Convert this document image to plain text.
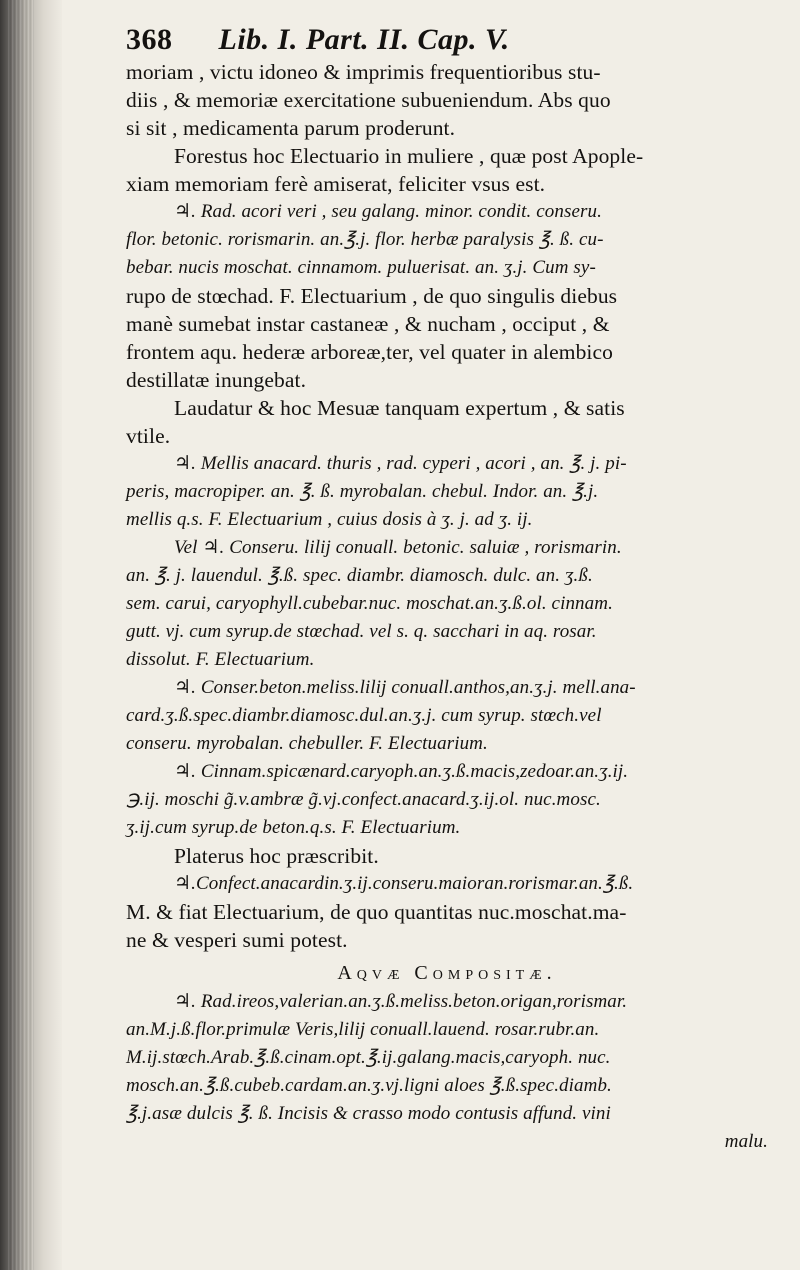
368 Lib. I. Part. II. Cap. V.
moriam , victu idoneo & imprimis frequentioribus stu-
diis , & memoriæ exercitatione subueniendum. Abs quo
si sit , medicamenta parum proderunt.
Forestus hoc Electuario in muliere , quæ post Apople-
xiam memoriam ferè amiserat, feliciter vsus est.
♃. Rad. acori veri , seu galang. minor. condit. conseru.
flor. betonic. rorismarin. an.℥.j. flor. herbæ paralysis ℥. ß. cu-
bebar. nucis moschat. cinnamom. puluerisat. an. ʒ.j. Cum sy-
rupo de stœchad. F. Electuarium , de quo singulis diebus
manè sumebat instar castaneæ , & nucham , occiput , &
frontem aqu. hederæ arboreæ,ter, vel quater in alembico
destillatæ inungebat.
Laudatur & hoc Mesuæ tanquam expertum , & satis
vtile.
♃. Mellis anacard. thuris , rad. cyperi , acori , an. ℥. j. pi-
peris, macropiper. an. ℥. ß. myrobalan. chebul. Indor. an. ℥.j.
mellis q.s. F. Electuarium , cuius dosis à ʒ. j. ad ʒ. ij.
Vel ♃. Conseru. lilij conuall. betonic. saluiæ , rorismarin.
an. ℥. j. lauendul. ℥.ß. spec. diambr. diamosch. dulc. an. ʒ.ß.
sem. carui, caryophyll.cubebar.nuc. moschat.an.ʒ.ß.ol. cinnam.
gutt. vj. cum syrup.de stœchad. vel s. q. sacchari in aq. rosar.
dissolut. F. Electuarium.
♃. Conser.beton.meliss.lilij conuall.anthos,an.ʒ.j. mell.ana-
card.ʒ.ß.spec.diambr.diamosc.dul.an.ʒ.j. cum syrup. stœch.vel
conseru. myrobalan. chebuller. F. Electuarium.
♃. Cinnam.spicænard.caryoph.an.ʒ.ß.macis,zedoar.an.ʒ.ij.
℈.ij. moschi g̃.v.ambræ g̃.vj.confect.anacard.ʒ.ij.ol. nuc.mosc.
ʒ.ij.cum syrup.de beton.q.s. F. Electuarium.
Platerus hoc præscribit.
♃.Confect.anacardin.ʒ.ij.conseru.maioran.rorismar.an.℥.ß.
M. & fiat Electuarium, de quo quantitas nuc.moschat.ma-
ne & vesperi sumi potest.
Aqvæ Compositæ.
♃. Rad.ireos,valerian.an.ʒ.ß.meliss.beton.origan,rorismar.
an.M.j.ß.flor.primulæ Veris,lilij conuall.lauend. rosar.rubr.an.
M.ij.stœch.Arab.℥.ß.cinam.opt.℥.ij.galang.macis,caryoph. nuc.
mosch.an.℥.ß.cubeb.cardam.an.ʒ.vj.ligni aloes ℥.ß.spec.diamb.
℥.j.asæ dulcis ℥. ß. Incisis & crasso modo contusis affund. vini
malu.
